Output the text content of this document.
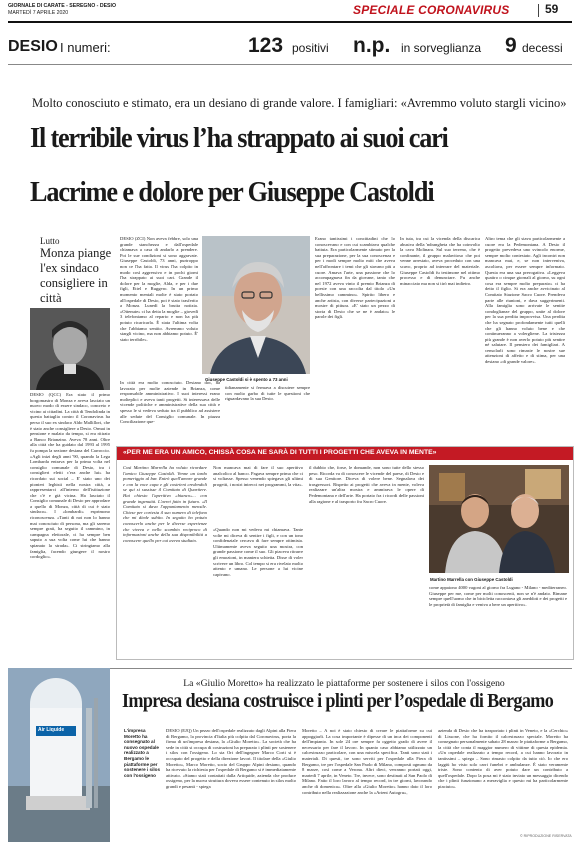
GIORNALE DI CARATE - SEREGNO - DESIO
MARTEDÌ 7 APRILE 2020	SPECIALE CORONAVIRUS	59
DESIO I numeri:	123 positivi n.p. in sorveglianza 9 decessi
Molto conosciuto e stimato, era un desiano di grande valore. I famigliari: «Avremmo voluto stargli vicino»
Il terribile virus l’ha strappato ai suoi cari
Lacrime e dolore per Giuseppe Castoldi
Lutto
Monza piange l'ex sindaco consigliere in città
DESIO (QCC) Era stato il primo borgomastro di Monza e aveva lasciato un nuovo modo di essere sindaco, concreto e vicino ai cittadini. La città di Tendolinda in questa battaglia contro il Coronavirus ha perso il suo ex sindaco Aldo Mallillori, che è stato anche consigliere a Desio. Ormai in pensione e malato da tempo, si era ritirato a Banco Brianzino. Aveva 78 anni. Oltre alla città che ha guidato dal 1993 al 1995 fu pompa la sezione desiana del Carroccio. «Agli inizi degli anni '90, quando la Lega Lombarda entrava per la prima volta nel consiglio comunale di Desio, tra i consiglieri eletti c'era anche lui» ha ricordato sui social – E' stato uno dei pionieri leghisti nella nostra città, a rappresentarci all'interno dell'istituzione che c'è e già vicina. Ha lasciato il Consiglio comunale di Desio per approdare a quello di Monza, città di cui è stato sindaco». I «lombardi» esprimono riconoscenza. «Tanti di noi non lo hanno mai conosciuto di persona, ma gli saremo sempre grati, ha seguito il cammino, in campagna elettorale, ci ha sempre ben saputo a sua volta come lui che hanno spianato la strada». Ci stringiamo alla famiglia, facendo giungere il nostro cordoglio».
DESIO (ZCI) Non aveva febbre, solo una grande stanchezza e dall'ospedale chiamava a casa di andarlo a prendere. Poi le sue condizioni si sono aggravate. Giuseppe Castoldi, 73 anni, purtroppo non ce l'ha fatta. Il virus l'ha colpito in modo così aggressivo e in pochi giorni l'ha strappato ai suoi cari. Grande il dolore per la moglie, Alda, e per i due figli, Ettel e Ruggero. In un primo momento mentali molte è stato portato all'ospedale di Desio, poi è stato trasferito a Monza. Lunedì la brutta notizia. «Ottenute» ci ha detta la moglie – giovedì 3 telefoniamo al reparto e non ha più potuto ricaricarla. È stata l'ultima volta che l'abbiamo sentito. Avremmo voluto stargli vicino, ma non abbiamo potuto. È' stato terribile».
In città era molto conosciuto. Desiano doc, ha lavorato per molte aziende in Brianza, come responsabile amministrativo. I suoi interessi erano molteplici e aveva tanti progetti. Si interessava delle vicende politiche e amministrative della sua città e spesso le si vedeva seduto tra il pubblico ad assistere alle sedute del Consiglio comunale. In piazza Conciliazione que-
Giuseppe Castoldi si è spento a 73 anni
tidianamente si fermava a discutere sempre con molto garbo di tutte le questioni che riguardavano la sua Desio.
Erano tantissimi i concittadini che lo conoscevano e con cui scambiava qualche battuta. Era particolarmente stimato per la sua preparazione, per la sua conoscenza e per i modi sempre molto miti che aveva nell'affrontare i temi che gli stavano più a cuore. Amava l'arte, una passione che lo accompagnava fin da giovane, tanto che nel 1972 aveva vinto il premio Brianza di poesie con una raccolta dal titolo «Un bellissimo cammino». Spirito libero e anche artista, con diverse partecipazioni a mostre di pittura. «E' stato un pezzo di storia di Desio che se ne è andato» le parole dei figli.
In tuta, tra cui la vicenda della discarica abusiva della 'ndrangheta che ha coinvolto la cava Molinara. Sul suo terreno, che è confinante, il gruppo malavitoso che poi venne arrestato, aveva proceduto con una scavo, proprio ad interrare del materiale. Giuseppe Castoldi fu testimone nel ottimo processo e di denunciare. Fu anche minacciato ma non si tirò mai indietro.
Altro tema che gli stava particolarmente a cuore era la Pedemontana. A Desio il progetto prevedeva uno svincolo enorme, sempre molto contestato. Agli incontri non mancava mai, e, se non interveniva, ascoltava, per essere sempre informato. Questa era una sua prerogativa. «Leggeva quattro o cinque giornali al giorno, su ogni cosa era sempre molto preparato» ci ha detto il figlio. Si era anche avvicinato al Comitato Stazione Sacro Cuore. Prendeva parte alle riunioni, e dava suggerimenti. Alla famiglia sono arrivate le sentite condoglianze del gruppo, unite al dolore per la sua perdita improvvisa. Una perdita che ha segnato profondamente tutti quelli che gli hanno voluto bene e che continueranno a volergliene. La tristezza più grande è non averlo potuto più sentire né salutare. Il pensiero dei famigliari. A censolarli sono rimaste le nostre sue attenzioni di affetto e di stima, per una desiano «di grande valore».
«PER ME ERA UN AMICO, CHISSÀ COSA NE SARÀ DI TUTTI I PROGETTI CHE AVEVA IN MENTE»
Così Martino Marrella ha voluto ricordare l'amico Giuseppe Castoldi. Venne un tardo pomeriggio al bar. Entrò quell'amore grande e con la voce cupa e gli costrieni credendoli se qui si sussisse il Comitato di Quartiere. Hai chiesto l'aperitivo «bianco»... con grande ingenuità. L'avrei fatto in futuro. «Il Comitato si dava l'appuntamento mensile. Chiese per cortesia il suo numero di telefono che mi diede subito. In seguito ho potuto conoscerlo anche per le diverse esperienze che viveva e nello scambio reciproco di informazioni anche della sua disponibilità a conoscere quello per cui aveva studiato.
Non mancava mai di fare il suo aperitivo analcolico al banco. Pagava sempre prima che ci si voltasse. Spesso venendo spiegava gli ultimi progetti, i nostri intrecci nei programmi, la vita».
«Quando non mi vedeva mi chiamava. Tante volte mi diceva di sentire i figli, e con un tono confidenziale cercava di fare sempre ottimista. Ultimamente aveva seguito una mostra, con grande passione come il suo. Gli piaceva ritrarre gli emozioni, in maniera schietta. Disse di voler scrivere un libro. Col tempo si era rivelato molto attento e umano. Le persone a lui vicine capivano.
il dubbio che, forse, le domande, non sono tutte dello stesso peso. Ricorda va di conoscere le vicende del paese, di Desio e di sua Genitore. Diceva di volere bene. Segnalava dei trasgressori. Rispetto ai progetti che aveva in mente, voleva realizzare un'altra mostra e ammirava le opere di Pedemontana e dell'arte. Ha portato fra i ricordi delle passioni alla ragione e al trasporto fra Sacro Cuore.
Martino Marrella con Giuseppe Castoldi
come appaiono 4000 vagoni al giorno fra Lugano - Milano - mediterraneo. Giuseppe per me, come per molti conoscenti, non se n'è andato. Rimane sempre quell'uomo che in bicicletta raccontava gli aneddoti e dei progetti e le proprietà di famiglia e veniva a bere un aperitivo».
Air Liquide
La «Giulio Moretto» ha realizzato le piattaforme per sostenere i silos con l'ossigeno
Impresa desiana costruisce i plinti per l’ospedale di Bergamo
L'impresa Moretto ha consegnato al nuovo ospedale realizzato a Bergamo le piattaforme per sostenere i silos con l'ossigeno
DESIO (EJQ) Un pezzo dell'ospedale realizzato dagli Alpini alla Fiera di Bergamo, la provincia d'Italia più colpita dal Coronavirus, porta la firma di un'impresa desiana, la «Giulio Moretto». La società che ha sede in città si occupa di costruzioni ha preparato i plinti per sostenere i silos con l'ossigeno. Lo sta Ori dell'ingegner Marco Corti si è occupato del progetto e della direzione lavori. Il titolare della «Giulio Moretto», Marco Moretto, socio del Gruppo Alpini desiano, quando ha ricevuto la richiesta per l'ospedale di Bergamo si è immediatamente attivato. «Siamo stati contattati dalla Artiquide, azienda che produce ossigeno, per la nuova struttura doveva essere contenuto in silos molto grandi e pesanti - spiega
Moretto – A noi è stato chiesto di creare le piattaforme su cui appoggiarli. La cosa importante è dipesse di un inca dei componenti dell'impianto. In sole 24 ore sempre fa oggetto grado di avere il necessario per fare il lavoro. In quanto caso abbiamo utilizzato un calcestruzzo particolare, con una miscela specifica. Tanti sono stati i materiali. Di questi, tre sono serviti per l'ospedale alla Fiera di Bergamo, tre per l'ospedale San Paolo di Milano, composti ognuno da 8 marze, così come a Verona. Altri dieci, verranno portati oggi, martedì 7 aprile, in Veneto. Tre, invece, sono destinati al San Paolo di Milano. Fatto il loro lavoro al tempo record, in tre giorni, lavorando anche di domenica». Oltre alla «Giulio Moretto» hanno dato il loro contributo nella realizzazione anche la «Arient Autogru»,
azienda di Desio che ha trasportato i plinti in Veneto, e la «Cerchio» di Lissone, che ha fornito il calcestruzzo speciale. Moretto ha consegnato personalmente sabato 28 marzo le piattaforme a Bergamo, la città che conta il maggior numero di vittime di questa epidemia. «Un ospedale realizzato a tempo record, a cui hanno lavorato in tantissimi – spiega – Sono rimasto colpito da tutto ciò. Io che ero laggiù ho visto solo carri funebri e ambulanze. È stato veramente triste. Sono contento di aver potuto dare un contributo a quell'ospedale. Dopo la posa mi è stato inviato un messaggio dicendo che i plinti funzionano a meraviglia e questo mi ha particolarmente piaciuto».
© RIPRODUZIONE RISERVATA
